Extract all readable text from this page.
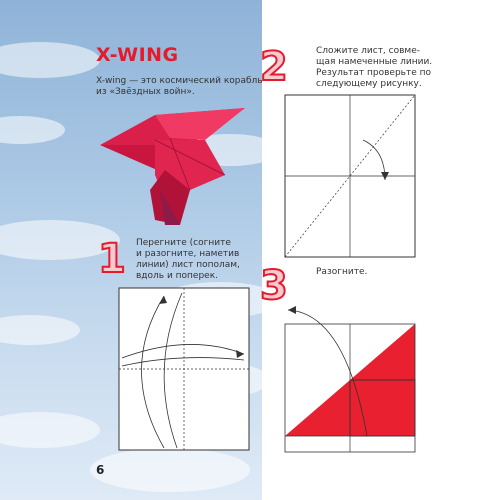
X-WING
X-wing — это космический корабль
из «Звёздных войн».
1 Перегните (согните
и разогните, наметив
линии) лист пополам,
вдоль и поперек.
2	Сложите лист, совме-
щая намеченные линии.
Результат проверьте по
следующему рисунку.
3	Разогните.
6
